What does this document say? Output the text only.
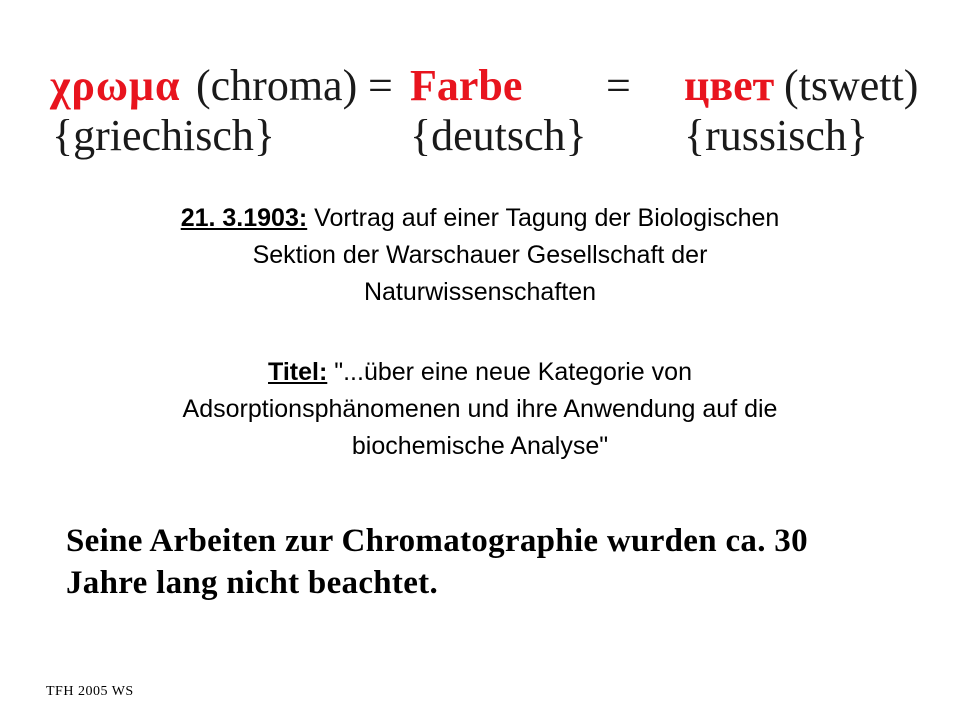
χρωμα (chroma) = Farbe = цвет (tswett)
{griechisch}	{deutsch} {russisch}
21. 3.1903: Vortrag auf einer Tagung der Biologischen
Sektion der Warschauer Gesellschaft der
Naturwissenschaften
Titel: "...über eine neue Kategorie von
Adsorptionsphänomenen und ihre Anwendung auf die
biochemische Analyse"
Seine Arbeiten zur Chromatographie wurden ca. 30
Jahre lang nicht beachtet.
TFH 2005 WS
